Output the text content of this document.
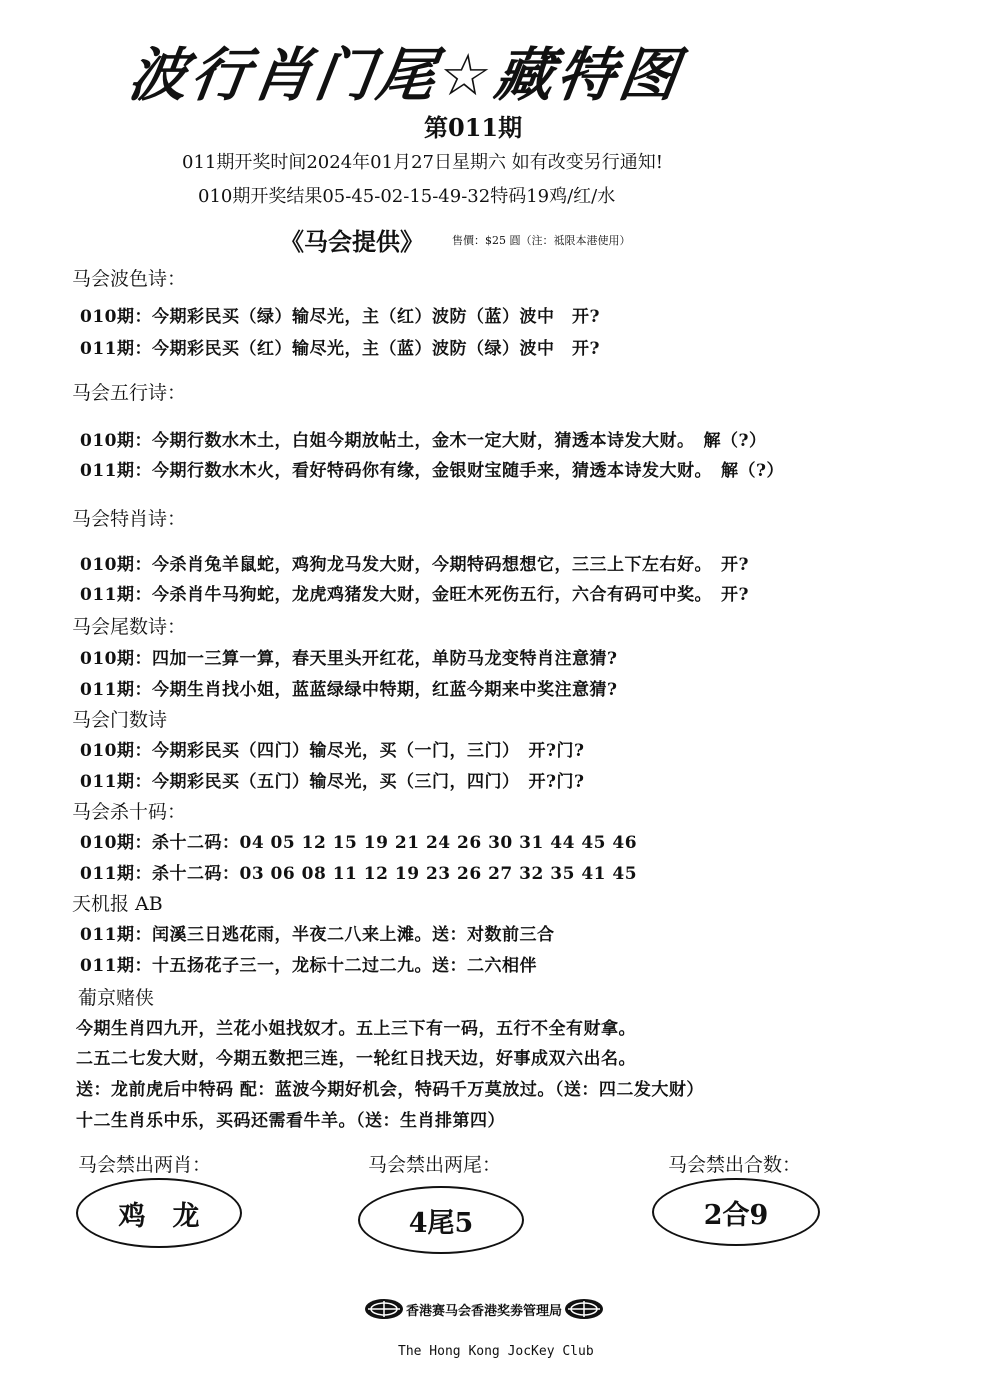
波行肖门尾☆藏特图
第011期
011期开奖时间2024年01月27日星期六 如有改变另行通知!
010期开奖结果05-45-02-15-49-32特码19鸡/红/水
《马会提供》	售價：$25 圓（注：祗限本港使用）
马会波色诗：
010期：今期彩民买（绿）输尽光，主（红）波防（蓝）波中　开?
011期：今期彩民买（红）输尽光，主（蓝）波防（绿）波中　开?
马会五行诗：
010期：今期行数水木土，白姐今期放帖土，金木一定大财，猜透本诗发大财。　解（?）
011期：今期行数水木火，看好特码你有缘，金银财宝随手来，猜透本诗发大财。　解（?）
马会特肖诗：
010期：今杀肖兔羊鼠蛇，鸡狗龙马发大财，今期特码想想它，三三上下左右好。　开?
011期：今杀肖牛马狗蛇，龙虎鸡猪发大财，金旺木死伤五行，六合有码可中奖。　开?
马会尾数诗：
010期：四加一三算一算，春天里头开红花，单防马龙变特肖注意猜?
011期：今期生肖找小姐，蓝蓝绿绿中特期，红蓝今期来中奖注意猜?
马会门数诗
010期：今期彩民买（四门）输尽光，买（一门，三门）　开?门?
011期：今期彩民买（五门）输尽光，买（三门，四门）　开?门?
马会杀十码：
010期：杀十二码：04 05 12 15 19 21 24 26 30 31 44 45 46
011期：杀十二码：03 06 08 11 12 19 23 26 27 32 35 41 45
天机报 AB
011期：闰溪三日逃花雨，半夜二八来上滩。送：对数前三合
011期：十五扬花子三一，龙标十二过二九。送：二六相伴
葡京赌侠
今期生肖四九开，兰花小姐找奴才。五上三下有一码，五行不全有财拿。
二五二七发大财，今期五数把三连，一轮红日找天边，好事成双六出名。
送：龙前虎后中特码 配：蓝波今期好机会，特码千万莫放过。（送：四二发大财）
十二生肖乐中乐，买码还需看牛羊。（送：生肖排第四）
马会禁出两肖：	马会禁出两尾：	马会禁出合数：
鸡　龙	4尾5	2合9
香港赛马会香港奖劵管理局
The Hong Kong JocKey Club
